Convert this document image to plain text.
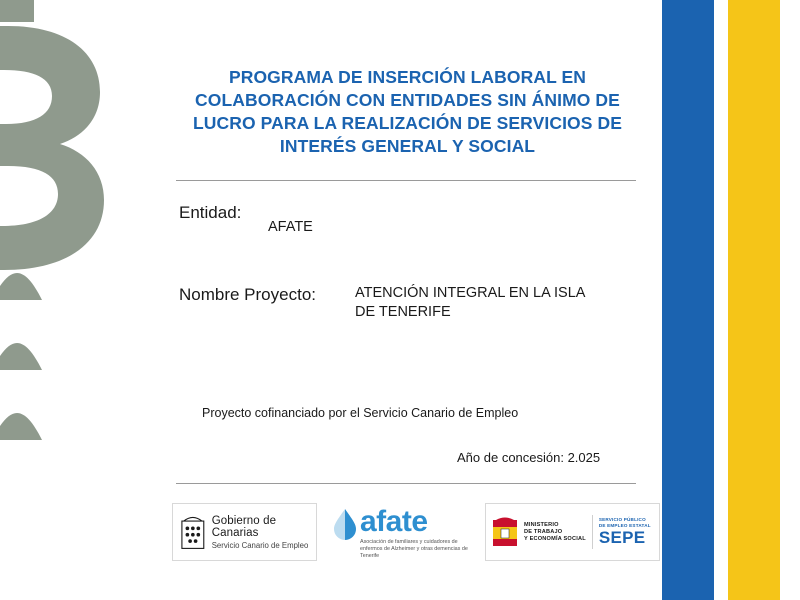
PROGRAMA DE INSERCIÓN LABORAL EN COLABORACIÓN CON ENTIDADES SIN ÁNIMO DE LUCRO PARA LA REALIZACIÓN DE SERVICIOS DE INTERÉS GENERAL Y SOCIAL
Entidad:
AFATE
Nombre Proyecto:	ATENCIÓN INTEGRAL EN LA ISLA DE TENERIFE
Proyecto cofinanciado por el Servicio Canario de Empleo
Año de concesión: 2.025
Gobierno de Canarias
Servicio Canario de Empleo
afate
Asociación de familiares y cuidadores de enfermos de Alzheimer y otras demencias de Tenerife
MINISTERIO
DE TRABAJO
Y ECONOMÍA SOCIAL
SERVICIO PÚBLICO
DE EMPLEO ESTATAL
SEPE
